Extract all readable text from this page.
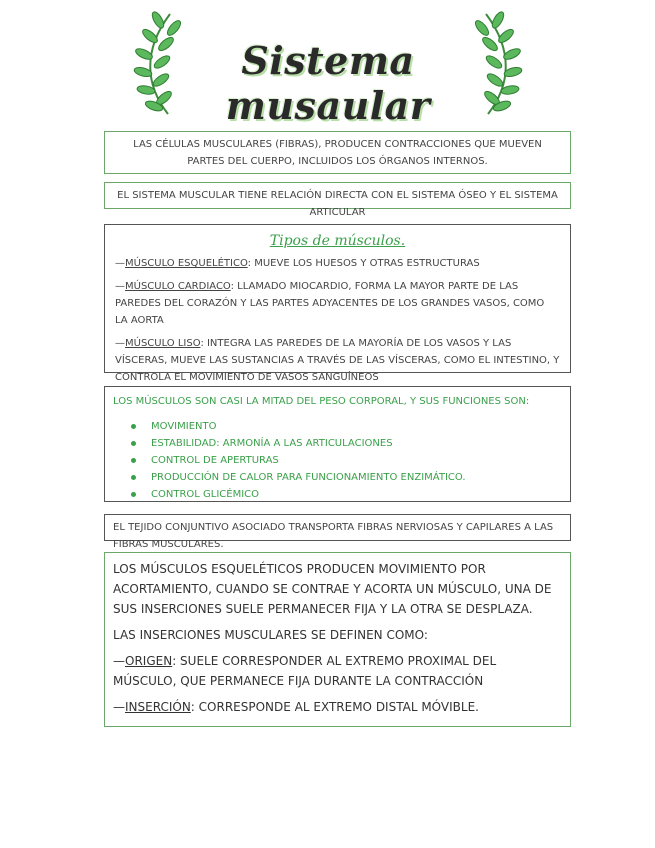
Sistema musaular
LAS CÉLULAS MUSCULARES (FIBRAS), PRODUCEN CONTRACCIONES QUE MUEVEN PARTES DEL CUERPO, INCLUIDOS LOS ÓRGANOS INTERNOS.
EL SISTEMA MUSCULAR TIENE RELACIÓN DIRECTA CON EL SISTEMA ÓSEO Y EL SISTEMA ARTICULAR
Tipos de músculos.
—MÚSCULO ESQUELÉTICO: MUEVE LOS HUESOS Y OTRAS ESTRUCTURAS
—MÚSCULO CARDIACO: LLAMADO MIOCARDIO, FORMA LA MAYOR PARTE DE LAS PAREDES DEL CORAZÓN Y LAS PARTES ADYACENTES DE LOS GRANDES VASOS, COMO LA AORTA
—MÚSCULO LISO: INTEGRA LAS PAREDES DE LA MAYORÍA DE LOS VASOS Y LAS VÍSCERAS, MUEVE LAS SUSTANCIAS A TRAVÉS DE LAS VÍSCERAS, COMO EL INTESTINO, Y CONTROLA EL MOVIMIENTO DE VASOS SANGUÍNEOS
LOS MÚSCULOS SON CASI LA MITAD DEL PESO CORPORAL, Y SUS FUNCIONES SON:
MOVIMIENTO
ESTABILIDAD: ARMONÍA A LAS ARTICULACIONES
CONTROL DE APERTURAS
PRODUCCIÓN DE CALOR PARA FUNCIONAMIENTO ENZIMÁTICO.
CONTROL GLICÉMICO
EL TEJIDO CONJUNTIVO ASOCIADO TRANSPORTA FIBRAS NERVIOSAS Y CAPILARES A LAS FIBRAS MUSCULARES.
LOS MÚSCULOS ESQUELÉTICOS PRODUCEN MOVIMIENTO POR ACORTAMIENTO, CUANDO SE CONTRAE Y ACORTA UN MÚSCULO, UNA DE SUS INSERCIONES SUELE PERMANECER FIJA Y LA OTRA SE DESPLAZA.
LAS INSERCIONES MUSCULARES SE DEFINEN COMO:
—ORIGEN: SUELE CORRESPONDER AL EXTREMO PROXIMAL DEL MÚSCULO, QUE PERMANECE FIJA DURANTE LA CONTRACCIÓN
—INSERCIÓN: CORRESPONDE AL EXTREMO DISTAL MÓVIBLE.
